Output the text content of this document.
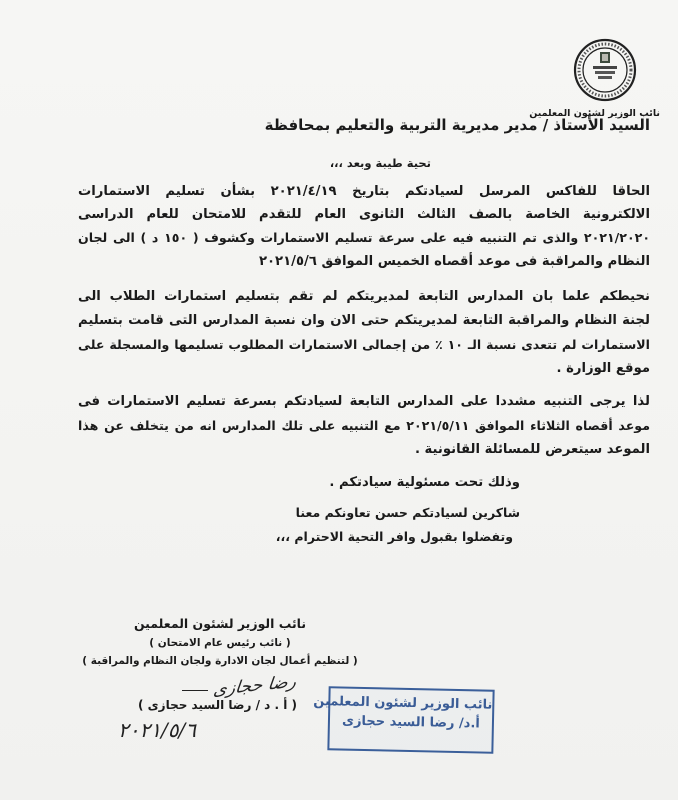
نائب الوزير لشئون المعلمين
السيد الأستاذ / مدير مديرية التربية والتعليم بمحافظة
تحية طيبة وبعد ،،،
الحاقا للفاكس المرسل لسيادتكم بتاريخ ٢٠٢١/٤/١٩ بشأن تسليم الاستمارات
الالكترونية الخاصة بالصف الثالث الثانوى العام للتقدم للامتحان للعام الدراسى
٢٠٢١/٢٠٢٠ والذى تم التنبيه فيه على سرعة تسليم الاستمارات وكشوف ( ١٥٠ د ) الى لجان
النظام والمراقبة فى موعد أقصاه الخميس الموافق ٢٠٢١/٥/٦
نحيطكم علما بان المدارس التابعة لمديريتكم لم تقم بتسليم استمارات الطلاب الى
لجنة النظام والمراقبة التابعة لمديريتكم حتى الان وان نسبة المدارس التى قامت بتسليم
الاستمارات لم تتعدى نسبة الـ ١٠ ٪ من إجمالى الاستمارات المطلوب تسليمها والمسجلة على
موقع الوزارة .
لذا يرجى التنبيه مشددا على المدارس التابعة لسيادتكم بسرعة تسليم الاستمارات فى
موعد أقصاه الثلاثاء الموافق ٢٠٢١/٥/١١ مع التنبيه على تلك المدارس انه من يتخلف عن هذا
الموعد سيتعرض للمسائلة القانونية .
وذلك تحت مسئولية سيادتكم .
شاكرين لسيادتكم حسن تعاونكم معنا
وتفضلوا بقبول وافر التحية الاحترام ،،،
نائب الوزير لشئون المعلمين
( نائب رئيس عام الامتحان )
( لتنظيم أعمال لجان الادارة ولجان النظام والمراقبة )
رضا حجازى
( أ . د / رضا السيد حجازى )
٢٠٢١/٥/٦
نائب الوزير لشئون المعلمين
أ.د/ رضا السيد حجازى
